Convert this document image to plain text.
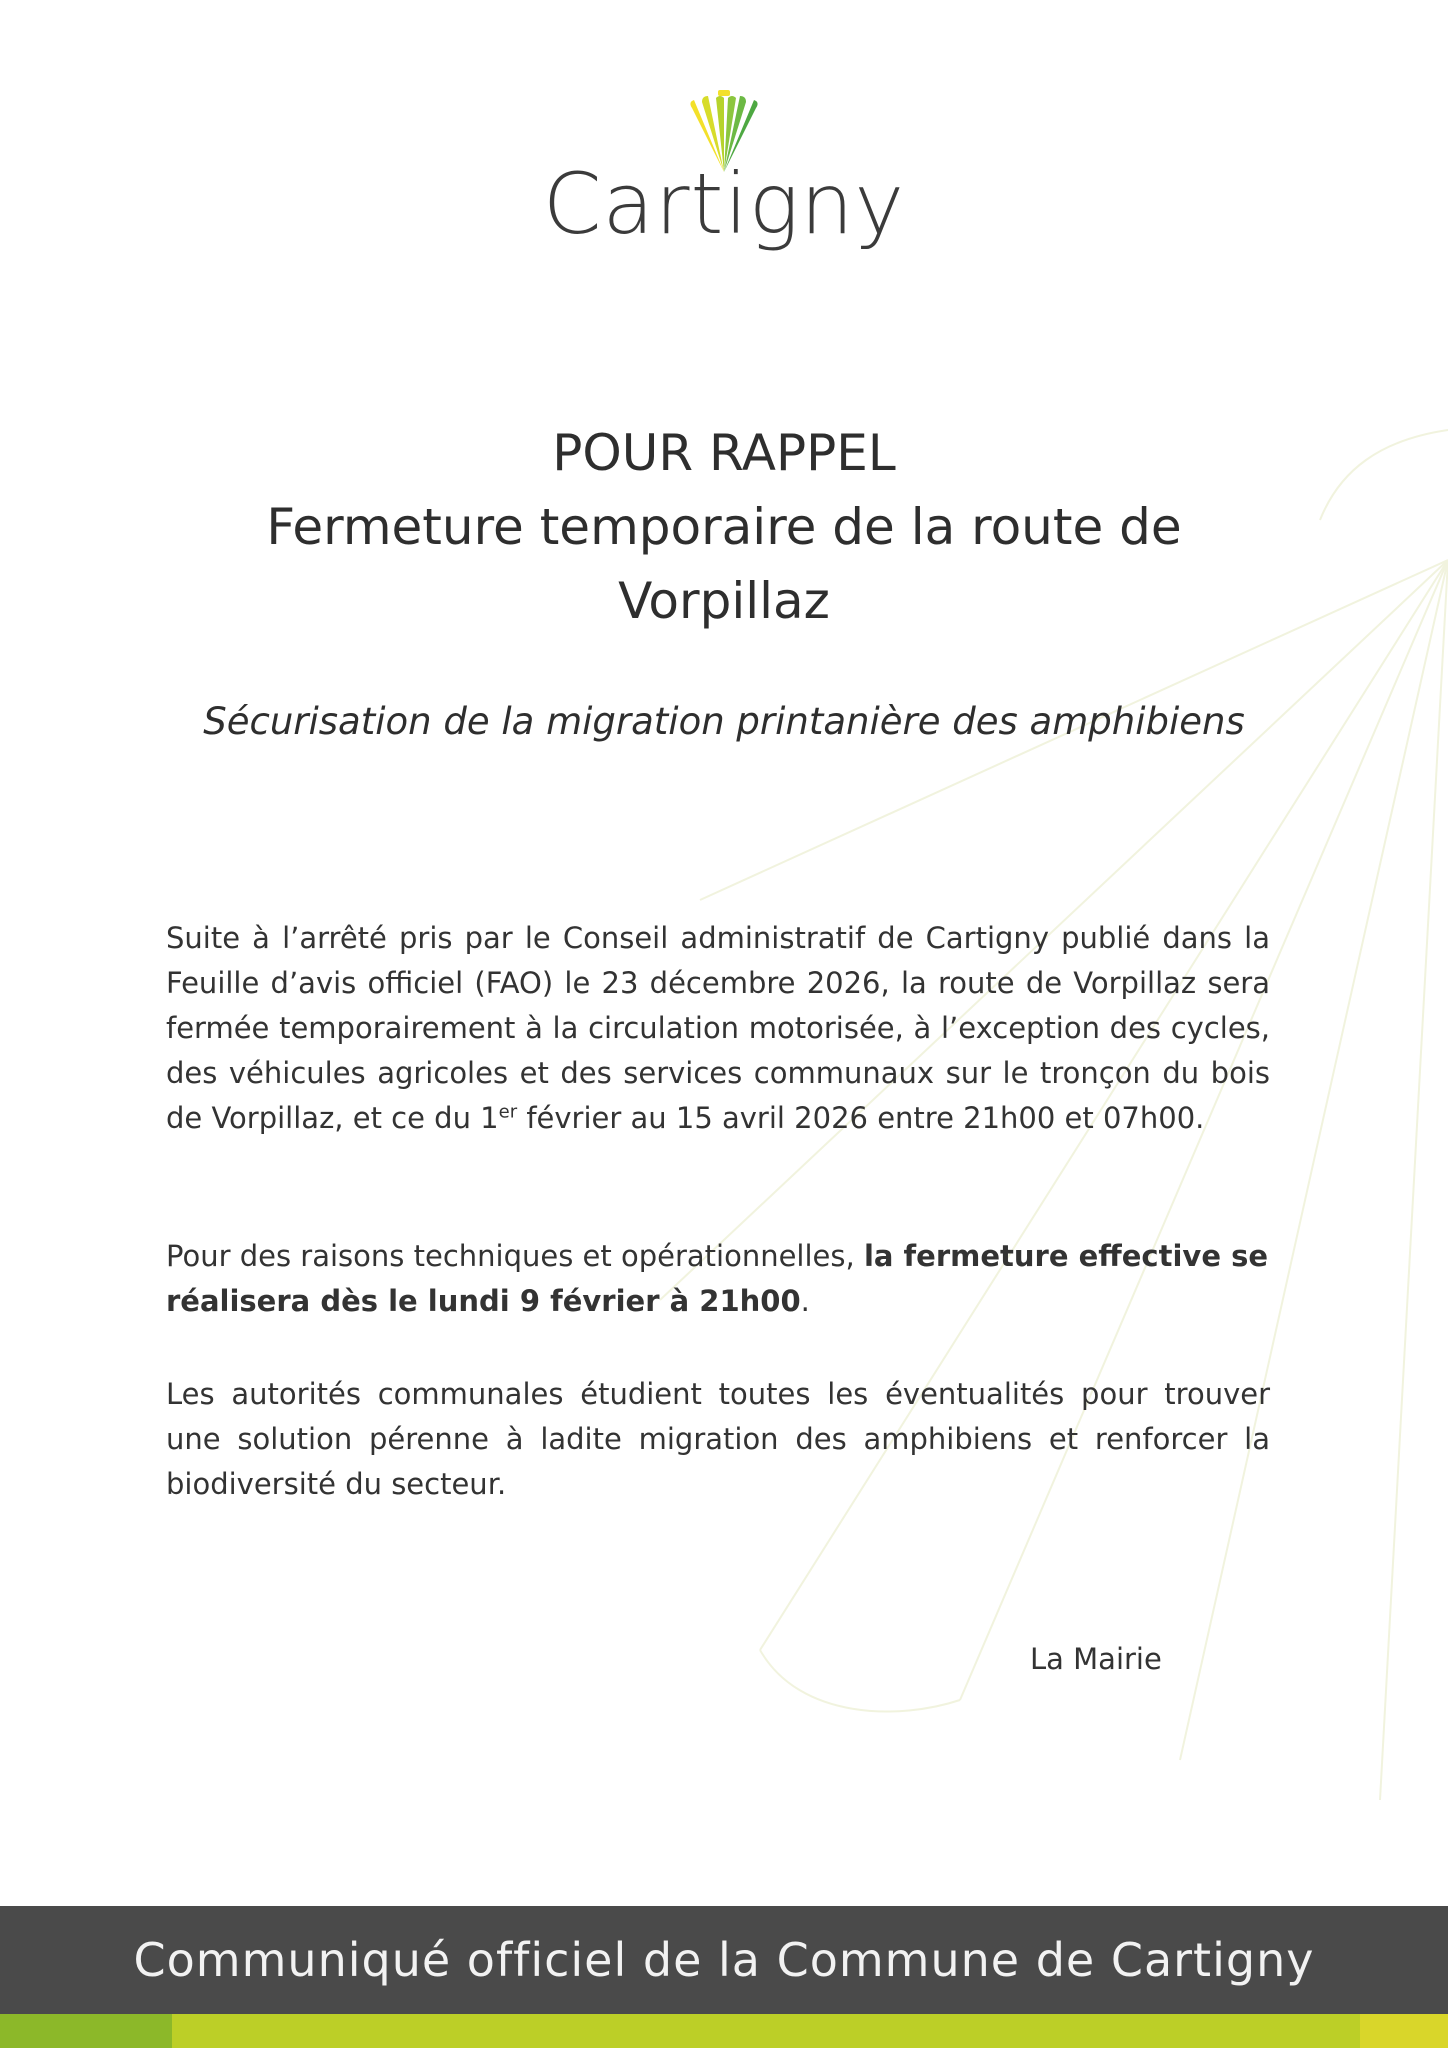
Cartigny
POUR RAPPEL
Fermeture temporaire de la route de
Vorpillaz
Sécurisation de la migration printanière des amphibiens

Suite à l’arrêté pris par le Conseil administratif de Cartigny publié dans la Feuille d’avis officiel (FAO) le 23 décembre 2026, la route de Vorpillaz sera fermée temporairement à la circulation motorisée, à l’exception des cycles, des véhicules agricoles et des services communaux sur le tronçon du bois de Vorpillaz, et ce du 1er février au 15 avril 2026 entre 21h00 et 07h00.

Pour des raisons techniques et opérationnelles, la fermeture effective se réalisera dès le lundi 9 février à 21h00.

Les autorités communales étudient toutes les éventualités pour trouver une solution pérenne à ladite migration des amphibiens et renforcer la biodiversité du secteur.

La Mairie
Communiqué officiel de la Commune de Cartigny
